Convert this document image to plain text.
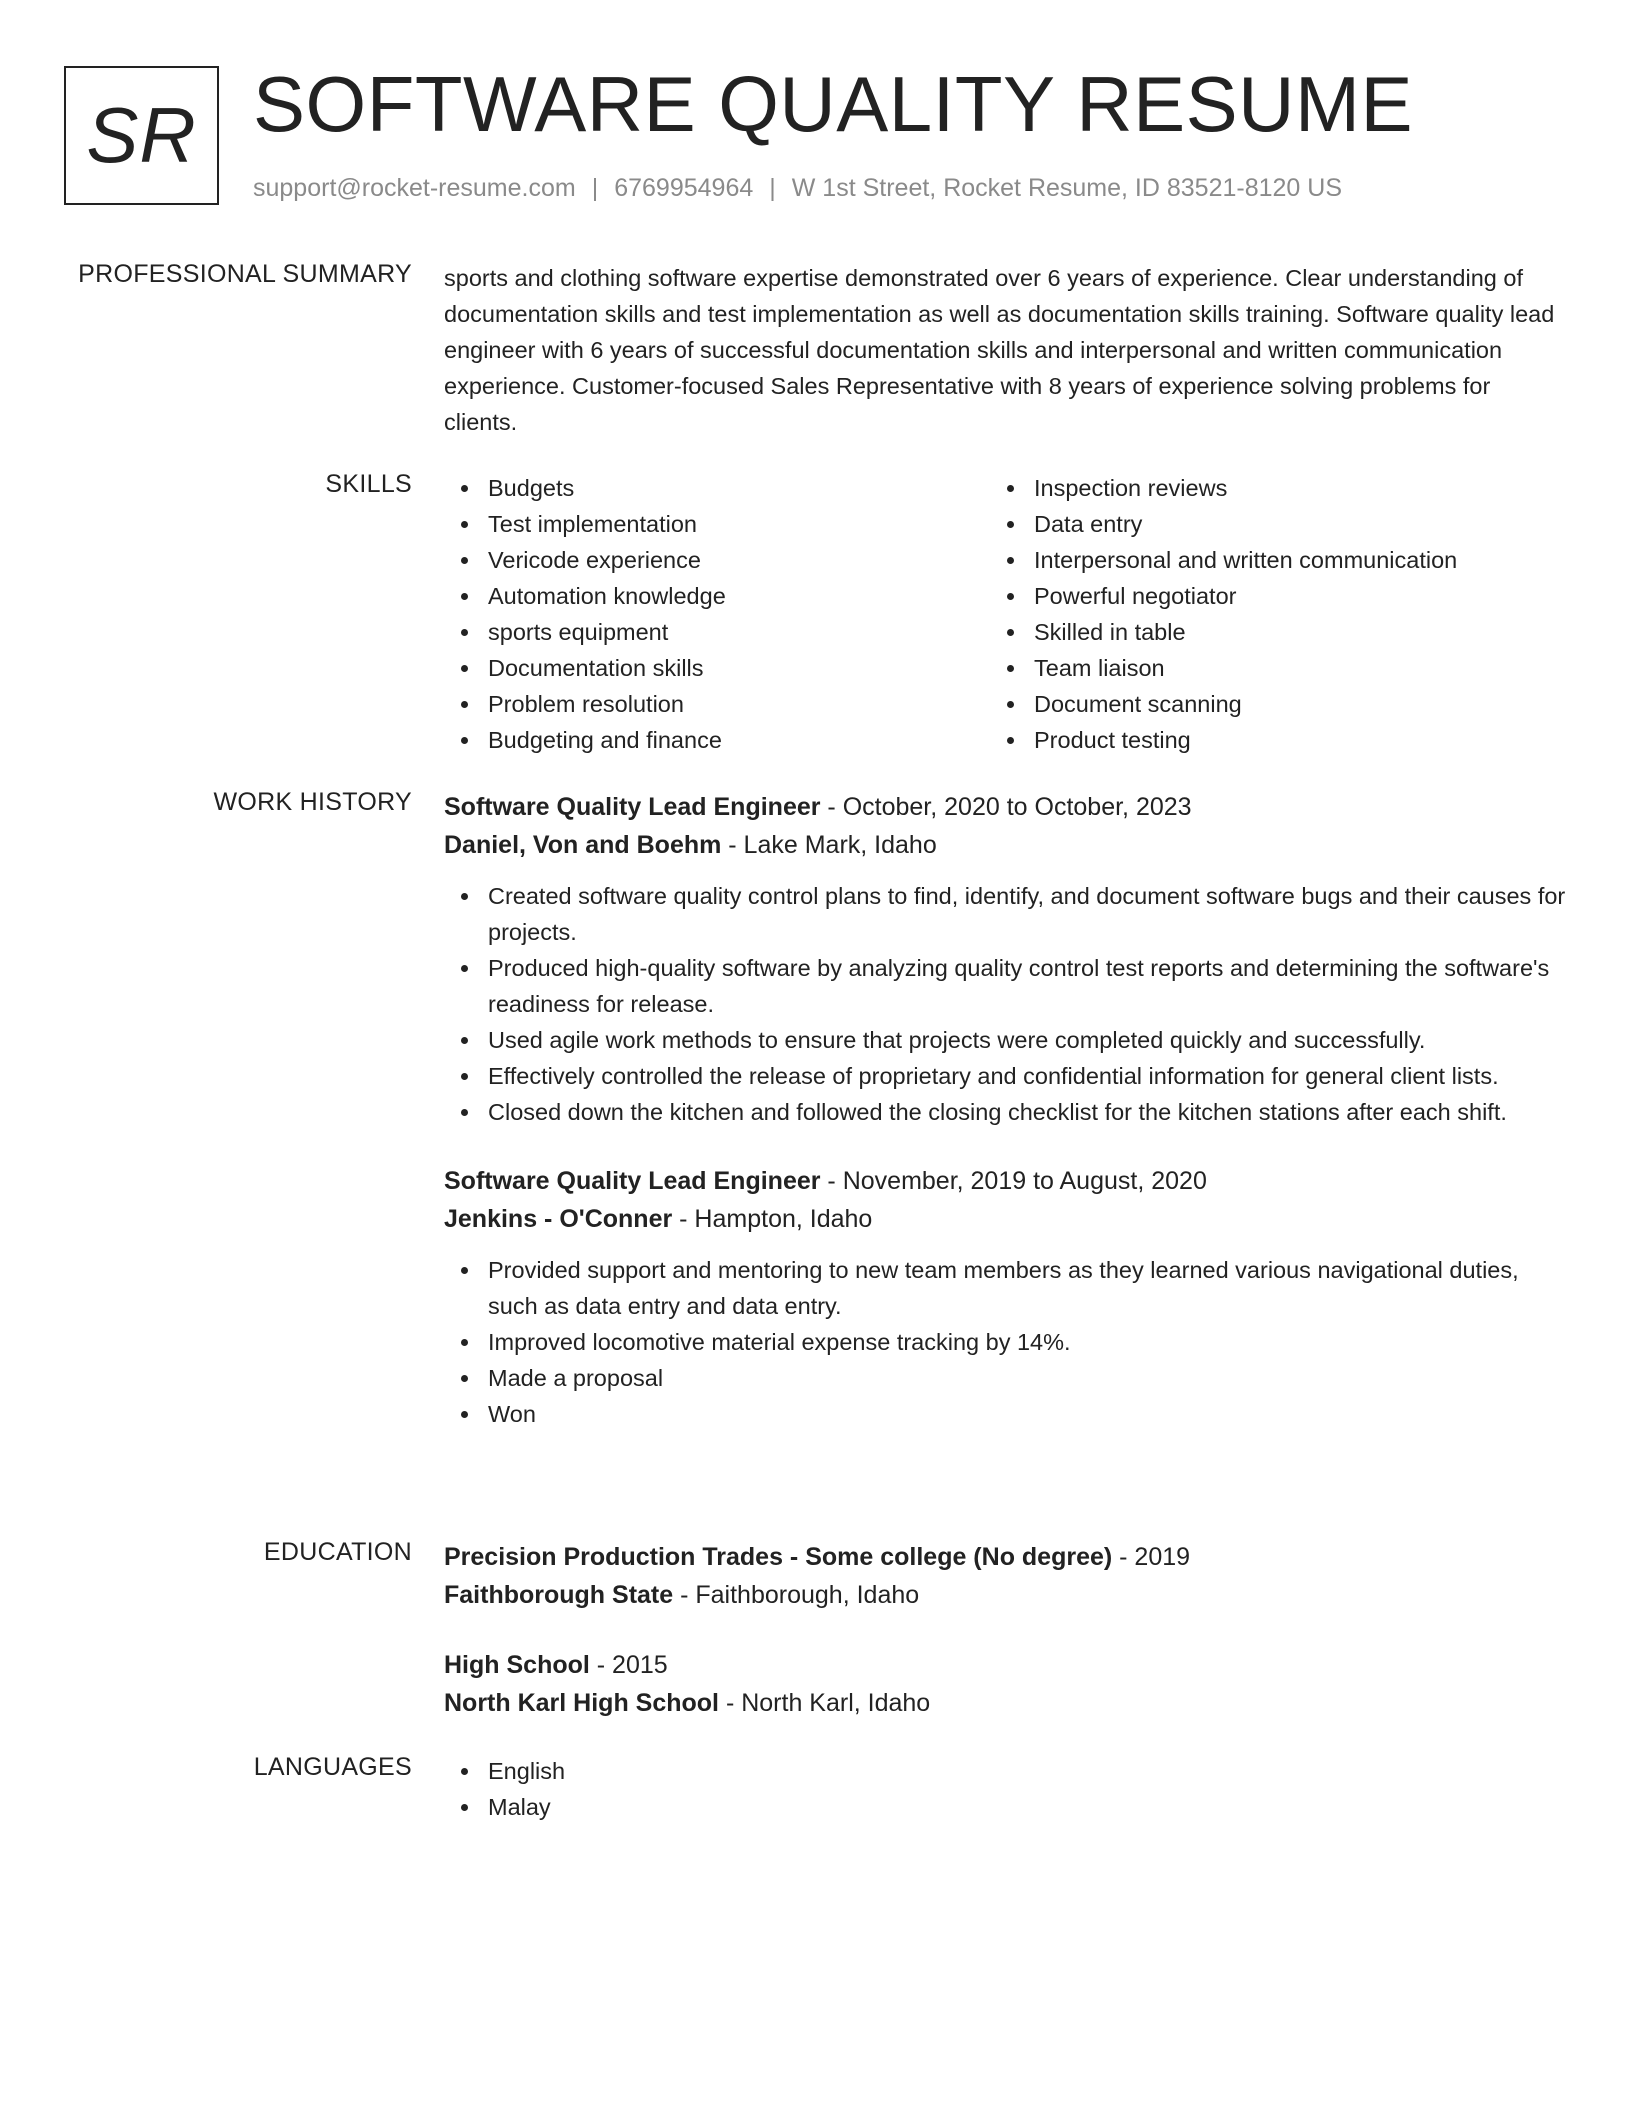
SR SOFTWARE QUALITY RESUME
support@rocket-resume.com | 6769954964 | W 1st Street, Rocket Resume, ID 83521-8120 US
PROFESSIONAL SUMMARY sports and clothing software expertise demonstrated over 6 years of experience. Clear understanding of documentation skills and test implementation as well as documentation skills training. Software quality lead engineer with 6 years of successful documentation skills and interpersonal and written communication experience. Customer-focused Sales Representative with 8 years of experience solving problems for clients.
SKILLS	Budgets
Test implementation
Vericode experience
Automation knowledge
sports equipment
Documentation skills
Problem resolution
Budgeting and finance
Inspection reviews
Data entry
Interpersonal and written communication
Powerful negotiator
Skilled in table
Team liaison
Document scanning
Product testing
WORK HISTORY Software Quality Lead Engineer - October, 2020 to October, 2023
Daniel, Von and Boehm - Lake Mark, Idaho
Created software quality control plans to find, identify, and document software bugs and their causes for projects.
Produced high-quality software by analyzing quality control test reports and determining the software's readiness for release.
Used agile work methods to ensure that projects were completed quickly and successfully.
Effectively controlled the release of proprietary and confidential information for general client lists.
Closed down the kitchen and followed the closing checklist for the kitchen stations after each shift.
Software Quality Lead Engineer - November, 2019 to August, 2020
Jenkins - O'Conner - Hampton, Idaho
Provided support and mentoring to new team members as they learned various navigational duties, such as data entry and data entry.
Improved locomotive material expense tracking by 14%.
Made a proposal
Won
EDUCATION Precision Production Trades - Some college (No degree) - 2019
Faithborough State - Faithborough, Idaho
High School - 2015
North Karl High School - North Karl, Idaho
LANGUAGES	English
Malay
